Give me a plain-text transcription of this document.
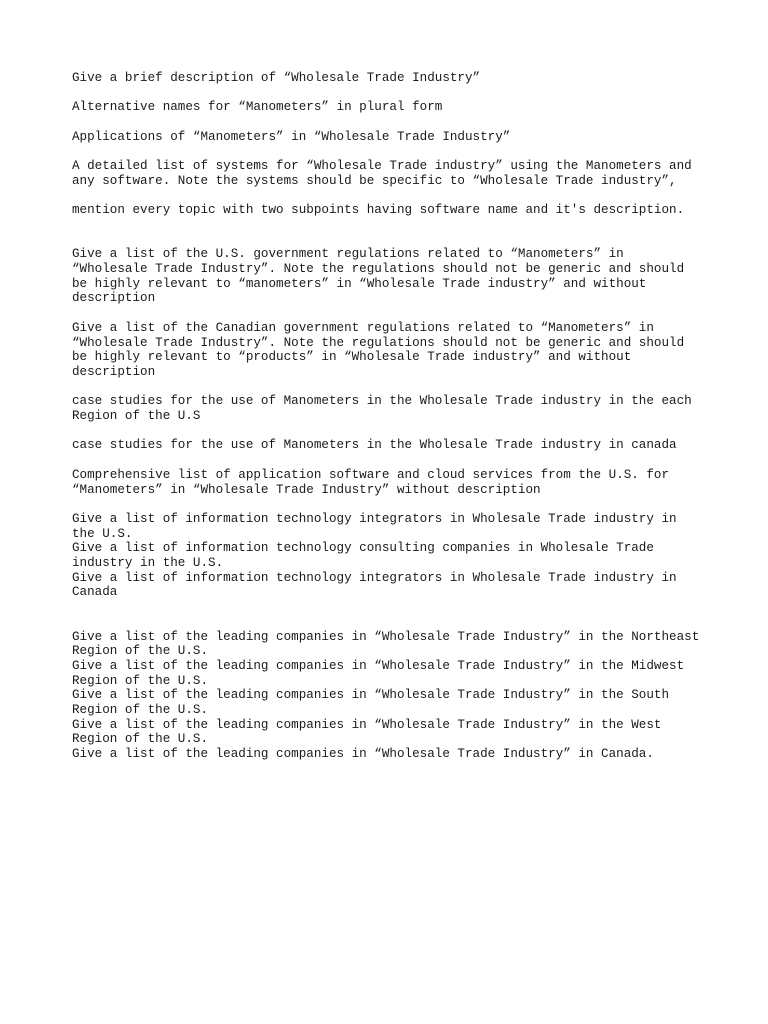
Give a brief description of “Wholesale Trade Industry”
Alternative names for “Manometers” in plural form
Applications of “Manometers” in “Wholesale Trade Industry”
A detailed list of systems for “Wholesale Trade industry” using the Manometers and
any software. Note the systems should be specific to “Wholesale Trade industry”,
mention every topic with two subpoints having software name and it's description.
Give a list of the U.S. government regulations related to “Manometers” in
“Wholesale Trade Industry”. Note the regulations should not be generic and should
be highly relevant to “manometers” in “Wholesale Trade industry” and without
description
Give a list of the Canadian government regulations related to “Manometers” in
“Wholesale Trade Industry”. Note the regulations should not be generic and should
be highly relevant to “products” in “Wholesale Trade industry” and without
description
case studies for the use of Manometers in the Wholesale Trade industry in the each
Region of the U.S
case studies for the use of Manometers in the Wholesale Trade industry in canada
Comprehensive list of application software and cloud services from the U.S. for
“Manometers” in “Wholesale Trade Industry” without description
Give a list of information technology integrators in Wholesale Trade industry in
the U.S.
Give a list of information technology consulting companies in Wholesale Trade
industry in the U.S.
Give a list of information technology integrators in Wholesale Trade industry in
Canada
Give a list of the leading companies in “Wholesale Trade Industry” in the Northeast
Region of the U.S.
Give a list of the leading companies in “Wholesale Trade Industry” in the Midwest
Region of the U.S.
Give a list of the leading companies in “Wholesale Trade Industry” in the South
Region of the U.S.
Give a list of the leading companies in “Wholesale Trade Industry” in the West
Region of the U.S.
Give a list of the leading companies in “Wholesale Trade Industry” in Canada.
